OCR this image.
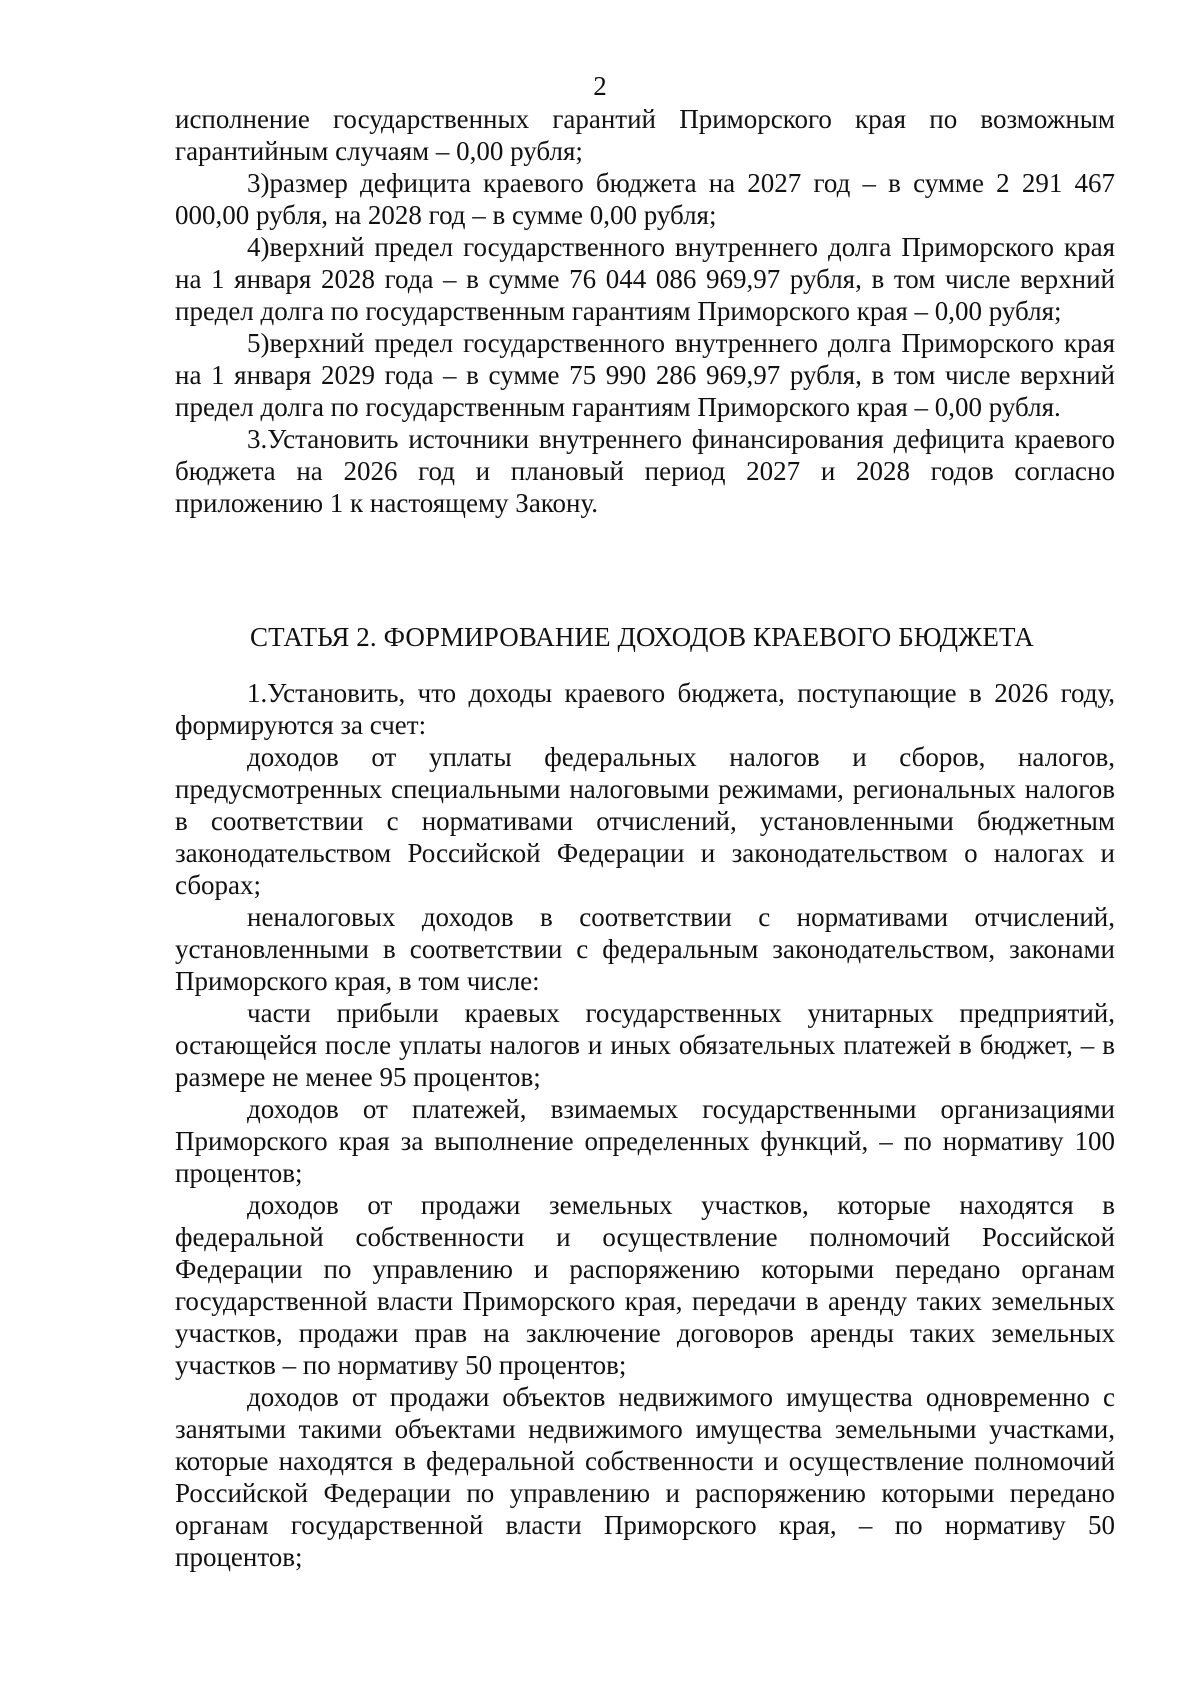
2

исполнение государственных гарантий Приморского края по возможным гарантийным случаям – 0,00 рубля;

3)размер дефицита краевого бюджета на 2027 год – в сумме 2 291 467 000,00 рубля, на 2028 год – в сумме 0,00 рубля;

4)верхний предел государственного внутреннего долга Приморского края на 1 января 2028 года – в сумме 76 044 086 969,97 рубля, в том числе верхний предел долга по государственным гарантиям Приморского края – 0,00 рубля;

5)верхний предел государственного внутреннего долга Приморского края на 1 января 2029 года – в сумме 75 990 286 969,97 рубля, в том числе верхний предел долга по государственным гарантиям Приморского края – 0,00 рубля.

3.Установить источники внутреннего финансирования дефицита краевого бюджета на 2026 год и плановый период 2027 и 2028 годов согласно приложению 1 к настоящему Закону.

СТАТЬЯ 2. ФОРМИРОВАНИЕ ДОХОДОВ КРАЕВОГО БЮДЖЕТА

1.Установить, что доходы краевого бюджета, поступающие в 2026 году, формируются за счет:

доходов от уплаты федеральных налогов и сборов, налогов, предусмотренных специальными налоговыми режимами, региональных налогов в соответствии с нормативами отчислений, установленными бюджетным законодательством Российской Федерации и законодательством о налогах и сборах;

неналоговых доходов в соответствии с нормативами отчислений, установленными в соответствии с федеральным законодательством, законами Приморского края, в том числе:

части прибыли краевых государственных унитарных предприятий, остающейся после уплаты налогов и иных обязательных платежей в бюджет, – в размере не менее 95 процентов;

доходов от платежей, взимаемых государственными организациями Приморского края за выполнение определенных функций, – по нормативу 100 процентов;

доходов от продажи земельных участков, которые находятся в федеральной собственности и осуществление полномочий Российской Федерации по управлению и распоряжению которыми передано органам государственной власти Приморского края, передачи в аренду таких земельных участков, продажи прав на заключение договоров аренды таких земельных участков – по нормативу 50 процентов;

доходов от продажи объектов недвижимого имущества одновременно с занятыми такими объектами недвижимого имущества земельными участками, которые находятся в федеральной собственности и осуществление полномочий Российской Федерации по управлению и распоряжению которыми передано органам государственной власти Приморского края, – по нормативу 50 процентов;
